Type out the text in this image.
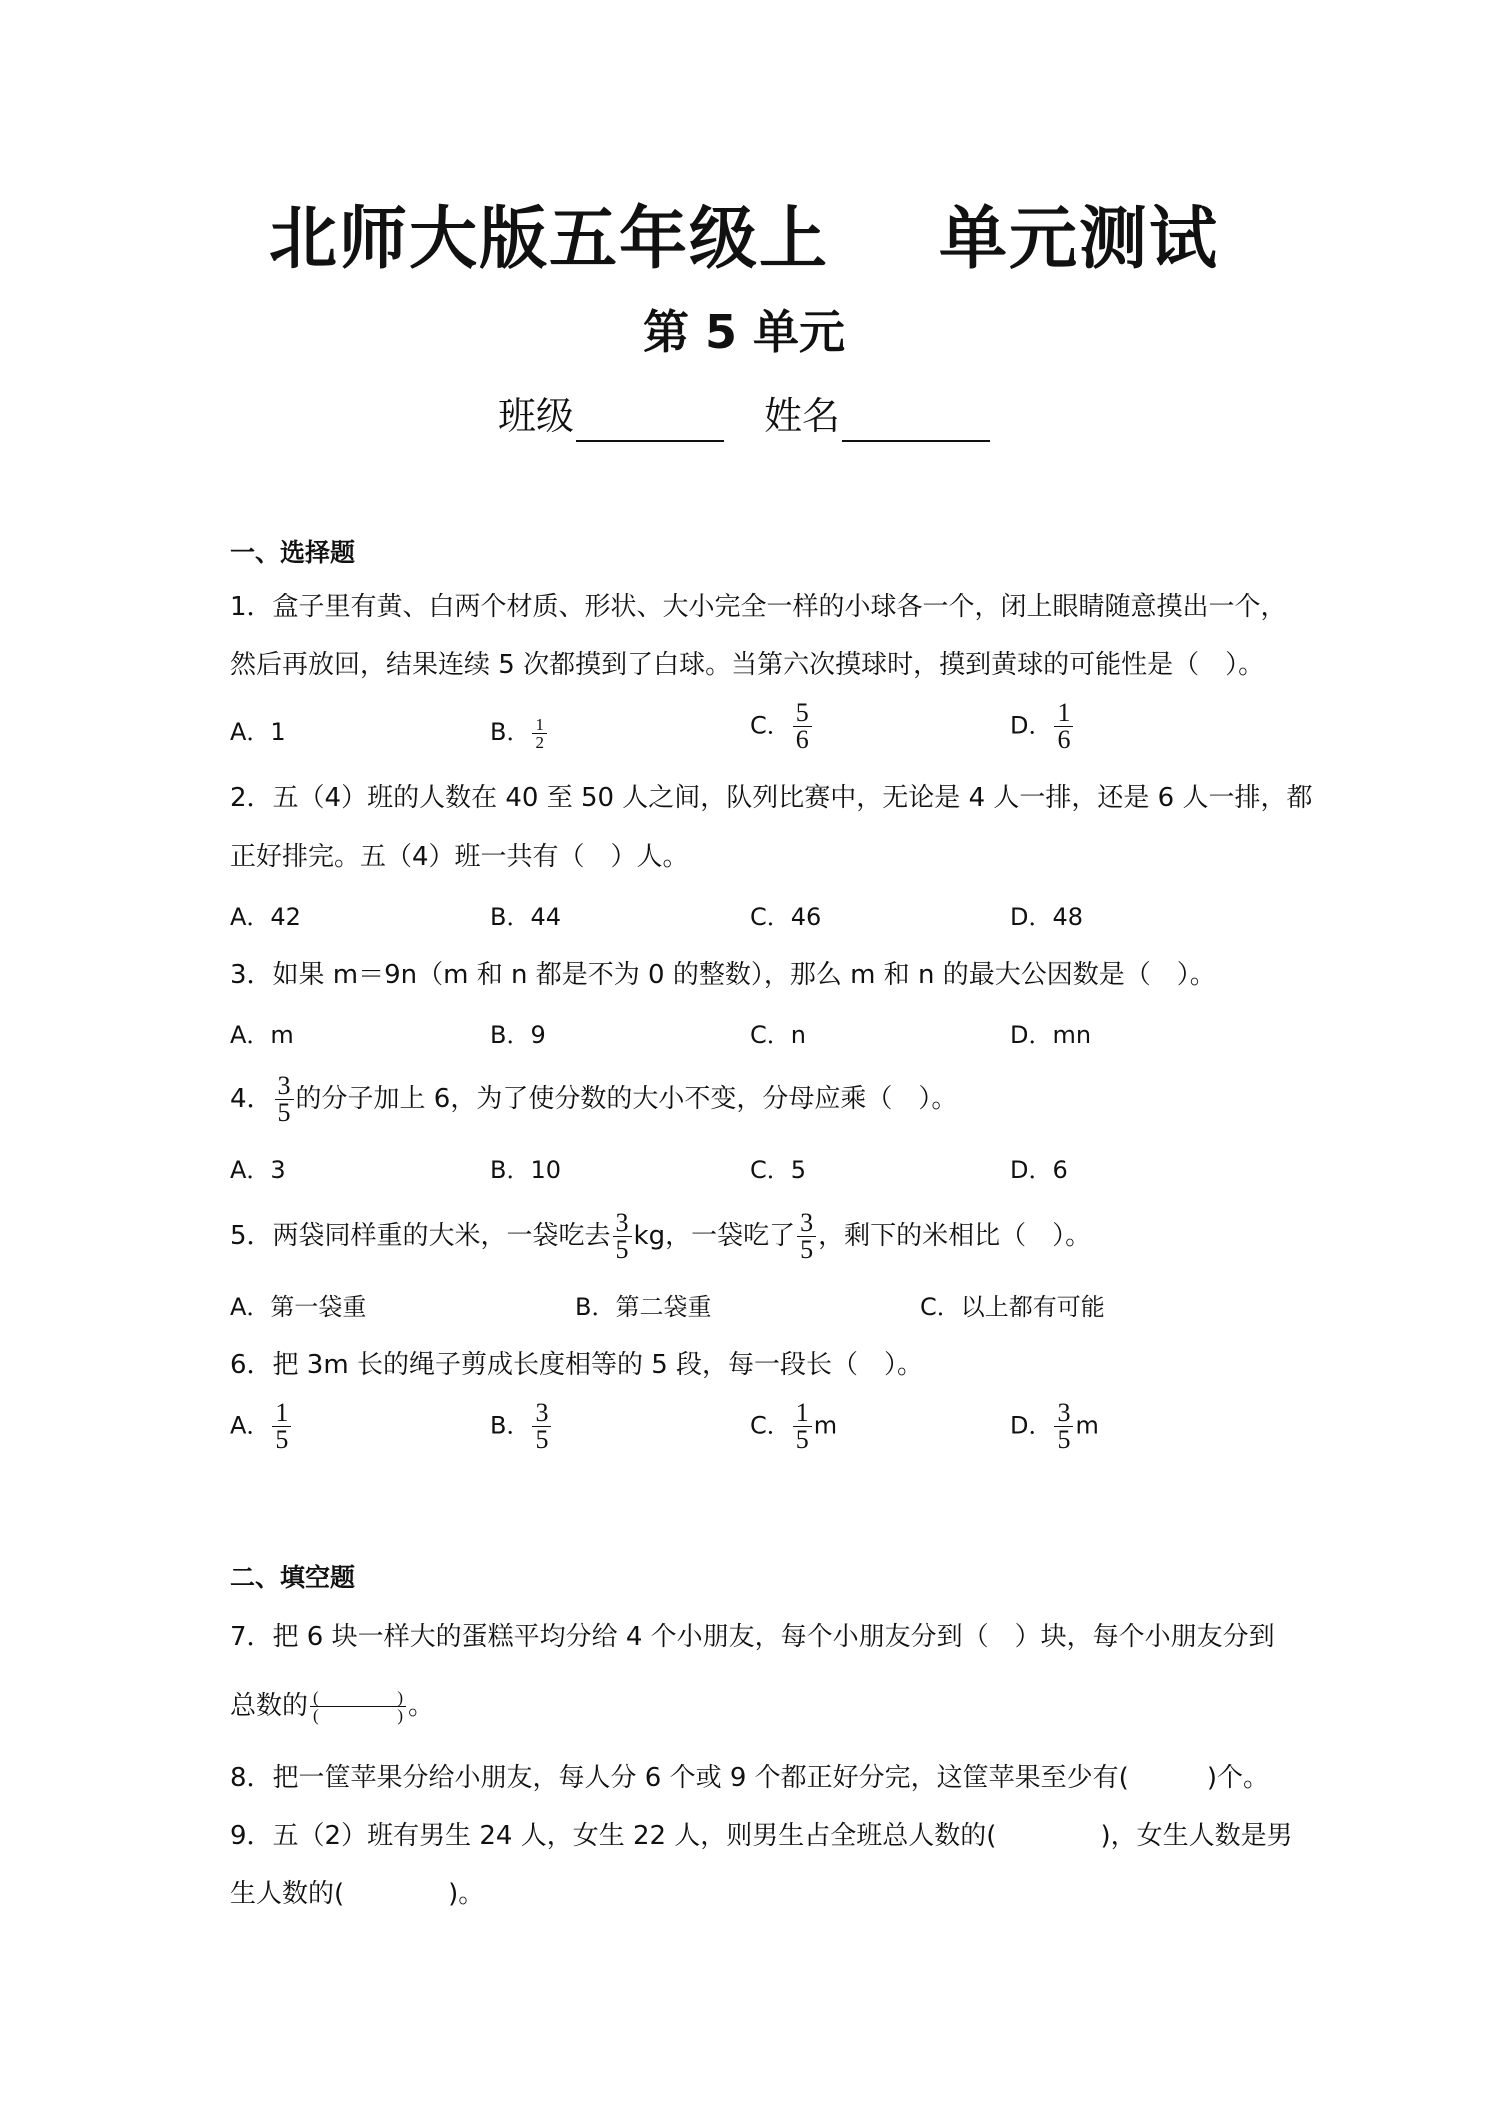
北师大版五年级上 单元测试
第 5 单元
班级	姓名
一、选择题
1．盒子里有黄、白两个材质、形状、大小完全一样的小球各一个，闭上眼睛随意摸出一个，
然后再放回，结果连续 5 次都摸到了白球。当第六次摸球时，摸到黄球的可能性是（　）。
A．1	B． $\frac{1}{2}$	C． $\frac{5}{6}$	D． $\frac{1}{6}$
2．五（4）班的人数在 40 至 50 人之间，队列比赛中，无论是 4 人一排，还是 6 人一排，都
正好排完。五（4）班一共有（　）人。
A．42	B．44	C．46	D．48
3．如果 m＝9n（m 和 n 都是不为 0 的整数），那么 m 和 n 的最大公因数是（　）。
A．m	B．9	C．n	D．mn
4． $\frac{3}{5}$ 的分子加上 6，为了使分数的大小不变，分母应乘（　）。
A．3	B．10	C．5	D．6
5．两袋同样重的大米，一袋吃去 $\frac{3}{5}$ kg，一袋吃了 $\frac{3}{5}$ ，剩下的米相比（　）。
A．第一袋重	B．第二袋重	C．以上都有可能
6．把 3m 长的绳子剪成长度相等的 5 段，每一段长（　）。
A． $\frac{1}{5}$	B． $\frac{3}{5}$	C． $\frac{1}{5}$ m	D． $\frac{3}{5}$ m
二、填空题
7．把 6 块一样大的蛋糕平均分给 4 个小朋友，每个小朋友分到（　）块，每个小朋友分到
总数的 (	)
(	) 。
8．把一筐苹果分给小朋友，每人分 6 个或 9 个都正好分完，这筐苹果至少有(　　　)个。
9．五（2）班有男生 24 人，女生 22 人，则男生占全班总人数的(　　　　)，女生人数是男
生人数的(　　　　)。
